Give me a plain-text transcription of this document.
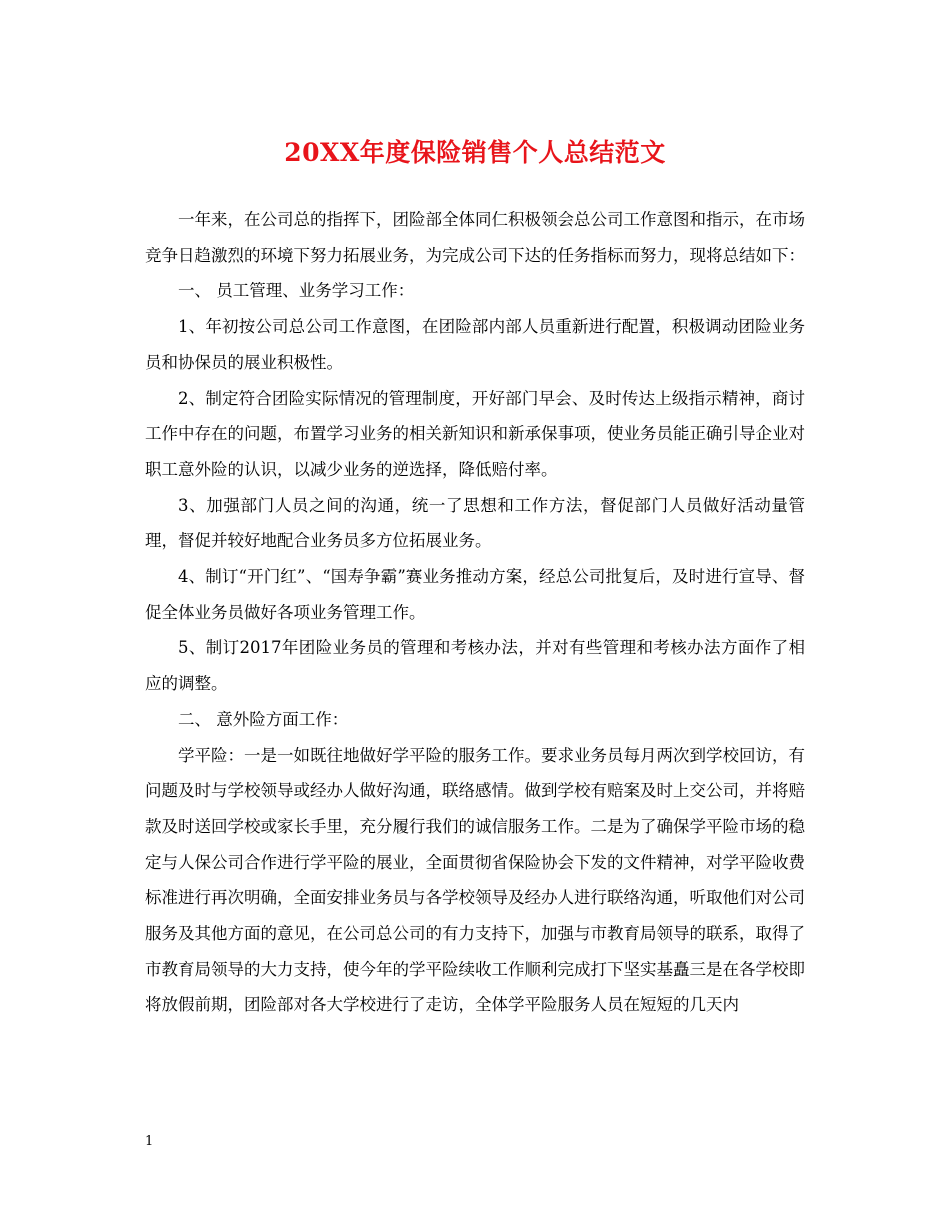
20XX年度保险销售个人总结范文

一年来，在公司总的指挥下，团险部全体同仁积极领会总公司工作意图和指示，在市场竞争日趋激烈的环境下努力拓展业务，为完成公司下达的任务指标而努力，现将总结如下：

一、 员工管理、业务学习工作：

1、年初按公司总公司工作意图，在团险部内部人员重新进行配置，积极调动团险业务员和协保员的展业积极性。

2、制定符合团险实际情况的管理制度，开好部门早会、及时传达上级指示精神，商讨工作中存在的问题，布置学习业务的相关新知识和新承保事项，使业务员能正确引导企业对职工意外险的认识，以减少业务的逆选择，降低赔付率。

3、加强部门人员之间的沟通，统一了思想和工作方法，督促部门人员做好活动量管理，督促并较好地配合业务员多方位拓展业务。

4、制订“开门红”、“国寿争霸”赛业务推动方案，经总公司批复后，及时进行宣导、督促全体业务员做好各项业务管理工作。

5、制订2017年团险业务员的管理和考核办法，并对有些管理和考核办法方面作了相应的调整。

二、 意外险方面工作：

学平险：一是一如既往地做好学平险的服务工作。要求业务员每月两次到学校回访，有问题及时与学校领导或经办人做好沟通，联络感情。做到学校有赔案及时上交公司，并将赔款及时送回学校或家长手里，充分履行我们的诚信服务工作。二是为了确保学平险市场的稳定与人保公司合作进行学平险的展业，全面贯彻省保险协会下发的文件精神，对学平险收费标准进行再次明确，全面安排业务员与各学校领导及经办人进行联络沟通，听取他们对公司服务及其他方面的意见，在公司总公司的有力支持下，加强与市教育局领导的联系，取得了市教育局领导的大力支持，使今年的学平险续收工作顺利完成打下坚实基矗三是在各学校即将放假前期，团险部对各大学校进行了走访，全体学平险服务人员在短短的几天内

1
